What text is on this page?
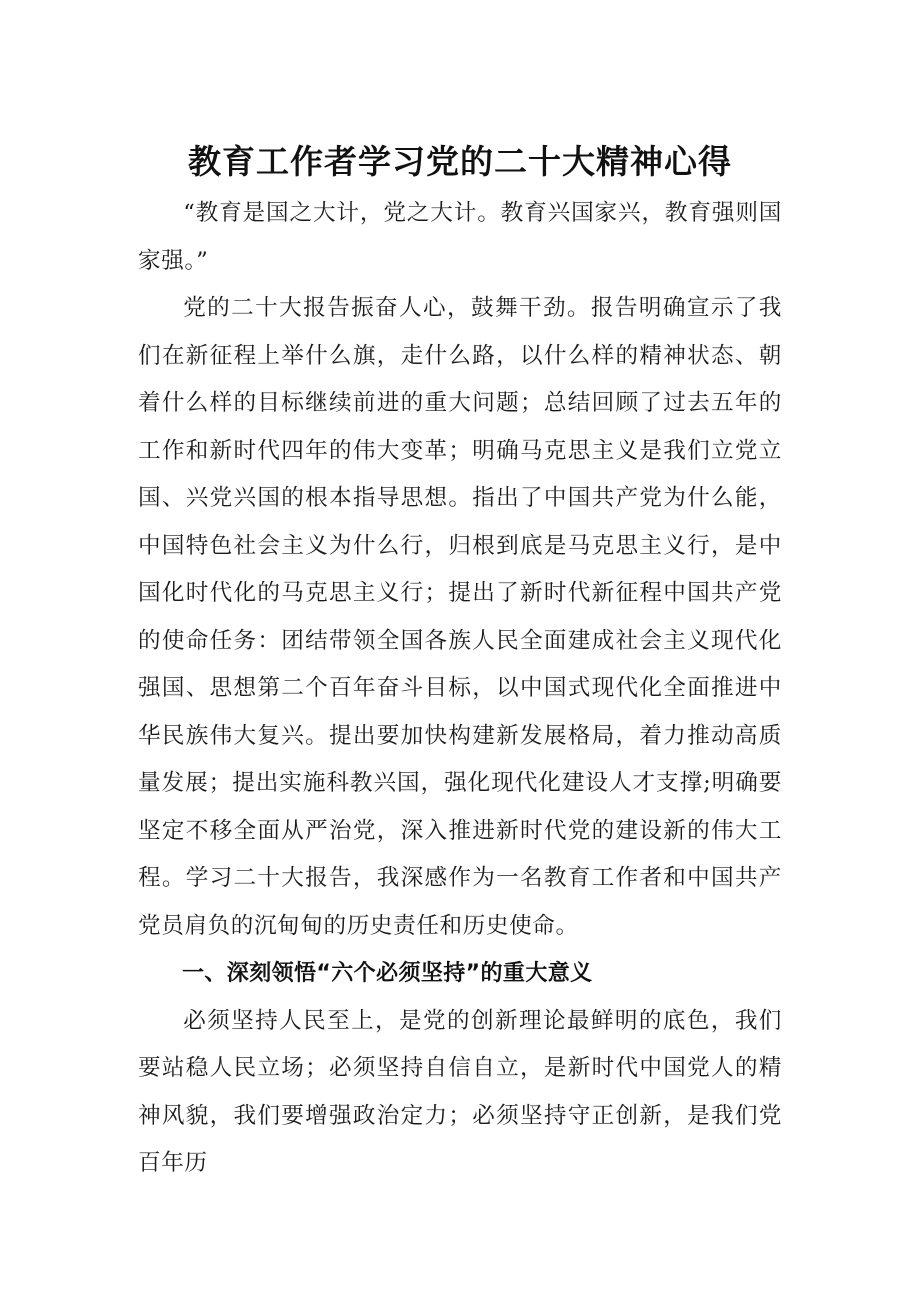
教育工作者学习党的二十大精神心得

“教育是国之大计，党之大计。教育兴国家兴，教育强则国家强。”

党的二十大报告振奋人心，鼓舞干劲。报告明确宣示了我们在新征程上举什么旗，走什么路，以什么样的精神状态、朝着什么样的目标继续前进的重大问题；总结回顾了过去五年的工作和新时代四年的伟大变革；明确马克思主义是我们立党立国、兴党兴国的根本指导思想。指出了中国共产党为什么能，中国特色社会主义为什么行，归根到底是马克思主义行，是中国化时代化的马克思主义行；提出了新时代新征程中国共产党的使命任务：团结带领全国各族人民全面建成社会主义现代化强国、思想第二个百年奋斗目标，以中国式现代化全面推进中华民族伟大复兴。提出要加快构建新发展格局，着力推动高质量发展；提出实施科教兴国，强化现代化建设人才支撑;明确要坚定不移全面从严治党，深入推进新时代党的建设新的伟大工程。学习二十大报告，我深感作为一名教育工作者和中国共产党员肩负的沉甸甸的历史责任和历史使命。

一、深刻领悟“六个必须坚持”的重大意义

必须坚持人民至上，是党的创新理论最鲜明的底色，我们要站稳人民立场；必须坚持自信自立，是新时代中国党人的精神风貌，我们要增强政治定力；必须坚持守正创新，是我们党百年历
